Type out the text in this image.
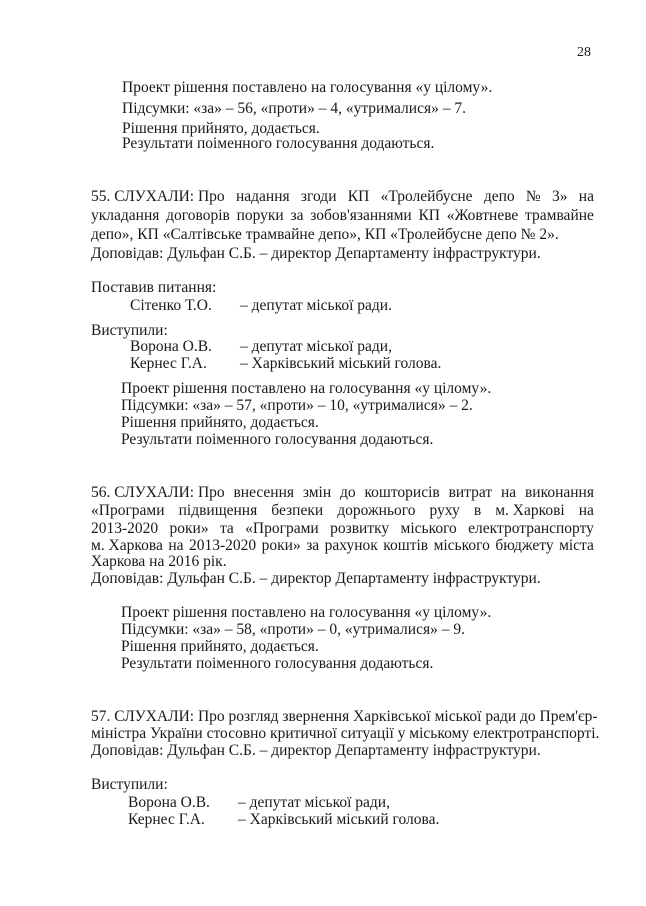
28
Проект рішення поставлено на голосування «у цілому».
Підсумки: «за» – 56, «проти» – 4, «утрималися» – 7.
Рішення прийнято, додається.
Результати поіменного голосування додаються.
55. СЛУХАЛИ: Про надання згоди КП «Тролейбусне депо № 3» на
укладання договорів поруки за зобов'язаннями КП «Жовтневе трамвайне
депо», КП «Салтівське трамвайне депо», КП «Тролейбусне депо № 2».
Доповідав: Дульфан С.Б. – директор Департаменту інфраструктури.
Поставив питання:
Сітенко Т.О. – депутат міської ради.
Виступили:
Ворона О.В. – депутат міської ради,
Кернес Г.А. – Харківський міський голова.
Проект рішення поставлено на голосування «у цілому».
Підсумки: «за» – 57, «проти» – 10, «утрималися» – 2.
Рішення прийнято, додається.
Результати поіменного голосування додаються.
56. СЛУХАЛИ: Про внесення змін до кошторисів витрат на виконання
«Програми підвищення безпеки дорожнього руху в м. Харкові на
2013-2020 роки» та «Програми розвитку міського електротранспорту
м. Харкова на 2013-2020 роки» за рахунок коштів міського бюджету міста
Харкова на 2016 рік.
Доповідав: Дульфан С.Б. – директор Департаменту інфраструктури.
Проект рішення поставлено на голосування «у цілому».
Підсумки: «за» – 58, «проти» – 0, «утрималися» – 9.
Рішення прийнято, додається.
Результати поіменного голосування додаються.
57. СЛУХАЛИ: Про розгляд звернення Харківської міської ради до Прем'єр-
міністра України стосовно критичної ситуації у міському електротранспорті.
Доповідав: Дульфан С.Б. – директор Департаменту інфраструктури.
Виступили:
Ворона О.В. – депутат міської ради,
Кернес Г.А. – Харківський міський голова.
